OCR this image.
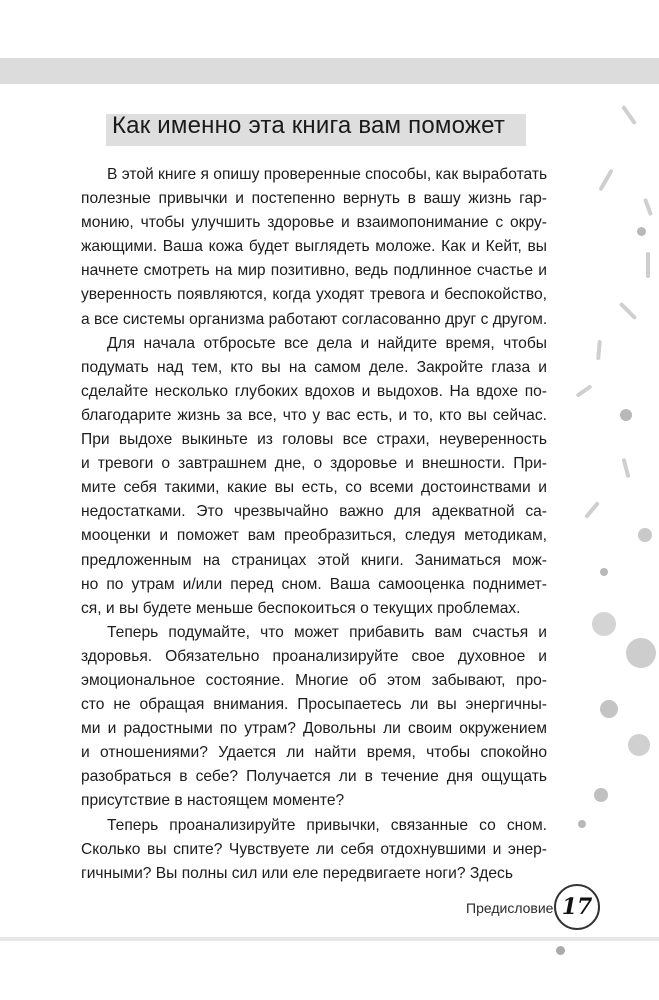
Как именно эта книга вам поможет
В этой книге я опишу проверенные способы, как выработать
полезные привычки и постепенно вернуть в вашу жизнь гар-
монию, чтобы улучшить здоровье и взаимопонимание с окру-
жающими. Ваша кожа будет выглядеть моложе. Как и Кейт, вы
начнете смотреть на мир позитивно, ведь подлинное счастье и
уверенность появляются, когда уходят тревога и беспокойство,
а все системы организма работают согласованно друг с другом.
Для начала отбросьте все дела и найдите время, чтобы
подумать над тем, кто вы на самом деле. Закройте глаза и
сделайте несколько глубоких вдохов и выдохов. На вдохе по-
благодарите жизнь за все, что у вас есть, и то, кто вы сейчас.
При выдохе выкиньте из головы все страхи, неуверенность
и тревоги о завтрашнем дне, о здоровье и внешности. При-
мите себя такими, какие вы есть, со всеми достоинствами и
недостатками. Это чрезвычайно важно для адекватной са-
мооценки и поможет вам преобразиться, следуя методикам,
предложенным на страницах этой книги. Заниматься мож-
но по утрам и/или перед сном. Ваша самооценка поднимет-
ся, и вы будете меньше беспокоиться о текущих проблемах.
Теперь подумайте, что может прибавить вам счастья и
здоровья. Обязательно проанализируйте свое духовное и
эмоциональное состояние. Многие об этом забывают, про-
сто не обращая внимания. Просыпаетесь ли вы энергичны-
ми и радостными по утрам? Довольны ли своим окружением
и отношениями? Удается ли найти время, чтобы спокойно
разобраться в себе? Получается ли в течение дня ощущать
присутствие в настоящем моменте?
Теперь проанализируйте привычки, связанные со сном.
Сколько вы спите? Чувствуете ли себя отдохнувшими и энер-
гичными? Вы полны сил или еле передвигаете ноги? Здесь
Предисловие 17
